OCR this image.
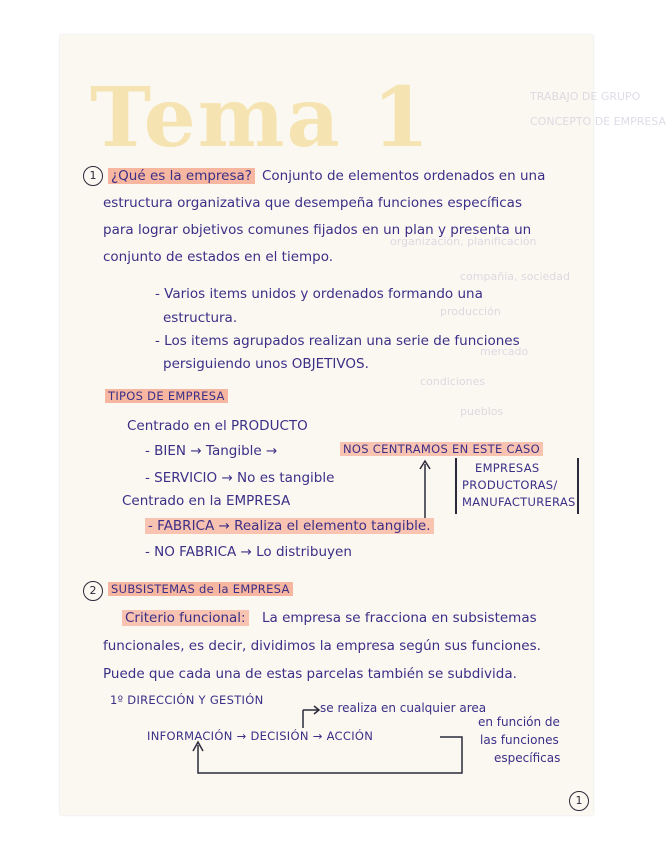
TRABAJO DE GRUPO
CONCEPTO DE EMPRESA
organización, planificación
compañía, sociedad
producción
mercado
condiciones
pueblos
Tema 1
1	¿Qué es la empresa? Conjunto de elementos ordenados en una
estructura organizativa que desempeña funciones específicas
para lograr objetivos comunes fijados en un plan y presenta un
conjunto de estados en el tiempo.
- Varios items unidos y ordenados formando una
estructura.
- Los items agrupados realizan una serie de funciones
persiguiendo unos OBJETIVOS.
TIPOS DE EMPRESA
Centrado en el PRODUCTO
- BIEN → Tangible →	NOS CENTRAMOS EN ESTE CASO
- SERVICIO → No es tangible
EMPRESAS
PRODUCTORAS/
MANUFACTURERAS
Centrado en la EMPRESA
- FABRICA → Realiza el elemento tangible.
- NO FABRICA → Lo distribuyen
2	SUBSISTEMAS de la EMPRESA
Criterio funcional: La empresa se fracciona en subsistemas
funcionales, es decir, dividimos la empresa según sus funciones.
Puede que cada una de estas parcelas también se subdivida.
1º DIRECCIÓN Y GESTIÓN
se realiza en cualquier area
INFORMACIÓN → DECISIÓN → ACCIÓN
en función de
las funciones
específicas
1
